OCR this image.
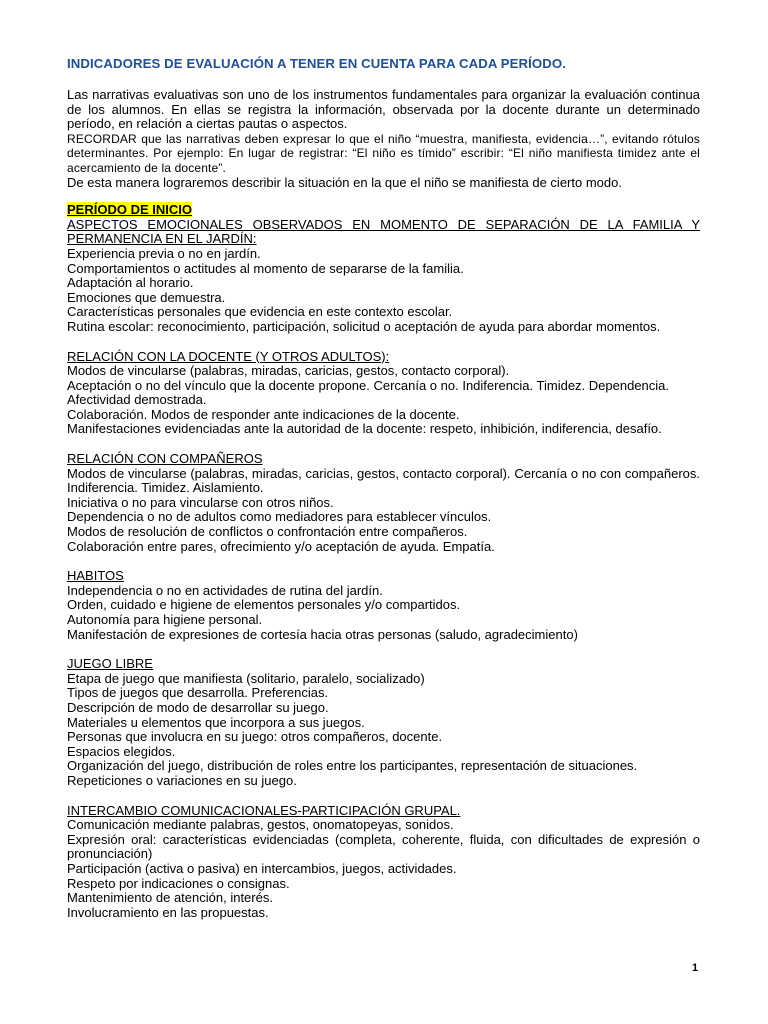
INDICADORES DE EVALUACIÓN A TENER EN CUENTA PARA CADA PERÍODO.

Las narrativas evaluativas son uno de los instrumentos fundamentales para organizar la evaluación continua de los alumnos. En ellas se registra la información, observada por la docente durante un determinado período, en relación a ciertas pautas o aspectos.

RECORDAR que las narrativas deben expresar lo que el niño “muestra, manifiesta, evidencia…”, evitando rótulos determinantes. Por ejemplo: En lugar de registrar: “El niño es tímido” escribir: “El niño manifiesta timidez ante el acercamiento de la docente”.

De esta manera lograremos describir la situación en la que el niño se manifiesta de cierto modo.

PERÍODO DE INICIO

ASPECTOS EMOCIONALES OBSERVADOS EN MOMENTO DE SEPARACIÓN DE LA FAMILIA Y PERMANENCIA EN EL JARDÍN:

Experiencia previa o no en jardín.

Comportamientos o actitudes al momento de separarse de la familia.

Adaptación al horario.

Emociones que demuestra.

Características personales que evidencia en este contexto escolar.

Rutina escolar: reconocimiento, participación, solicitud o aceptación de ayuda para abordar momentos.

RELACIÓN CON LA DOCENTE (Y OTROS ADULTOS):

Modos de vincularse (palabras, miradas, caricias, gestos, contacto corporal).

Aceptación o no del vínculo que la docente propone. Cercanía o no. Indiferencia. Timidez. Dependencia.

Afectividad demostrada.

Colaboración. Modos de responder ante indicaciones de la docente.

Manifestaciones evidenciadas ante la autoridad de la docente: respeto, inhibición, indiferencia, desafío.

RELACIÓN CON COMPAÑEROS

Modos de vincularse (palabras, miradas, caricias, gestos, contacto corporal). Cercanía o no con compañeros. Indiferencia. Timidez. Aislamiento.

Iniciativa o no para vincularse con otros niños.

Dependencia o no de adultos como mediadores para establecer vínculos.

Modos de resolución de conflictos o confrontación entre compañeros.

Colaboración entre pares, ofrecimiento y/o aceptación de ayuda. Empatía.

HABITOS

Independencia o no en actividades de rutina del jardín.

Orden, cuidado e higiene de elementos personales y/o compartidos.

Autonomía para higiene personal.

Manifestación de expresiones de cortesía hacia otras personas (saludo, agradecimiento)

JUEGO LIBRE

Etapa de juego que manifiesta (solitario, paralelo, socializado)

Tipos de juegos que desarrolla. Preferencias.

Descripción de modo de desarrollar su juego.

Materiales u elementos que incorpora a sus juegos.

Personas que involucra en su juego: otros compañeros, docente.

Espacios elegidos.

Organización del juego, distribución de roles entre los participantes, representación de situaciones.

Repeticiones o variaciones en su juego.

INTERCAMBIO COMUNICACIONALES-PARTICIPACIÓN GRUPAL.

Comunicación mediante palabras, gestos, onomatopeyas, sonidos.

Expresión oral: características evidenciadas (completa, coherente, fluida, con dificultades de expresión o pronunciación)

Participación (activa o pasiva) en intercambios, juegos, actividades.

Respeto por indicaciones o consignas.

Mantenimiento de atención, interés.

Involucramiento en las propuestas.

1
